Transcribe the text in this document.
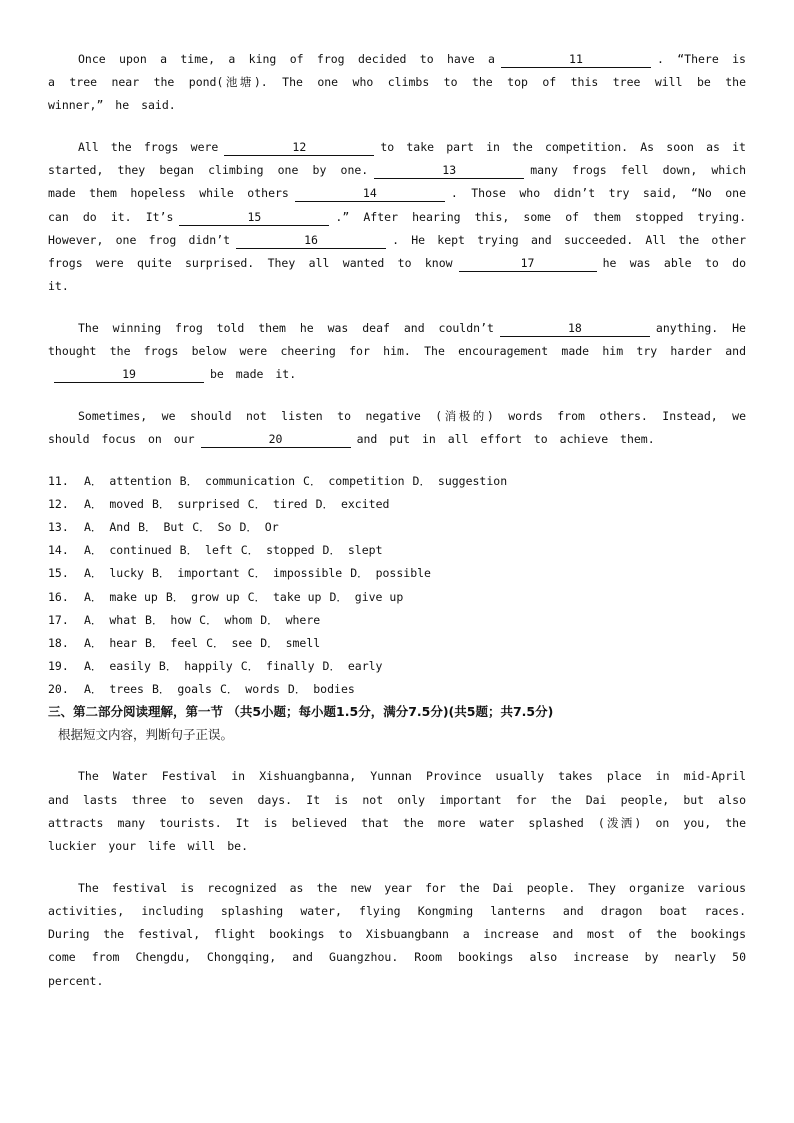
Once upon a time, a king of frog decided to have a	11	. “There is a tree near the pond(池塘). The one who climbs to the top of this tree will be the winner,” he said.

All the frogs were	12	to take part in the competition. As soon as it started, they began climbing one by one.	13	many frogs fell down, which made them hopeless while others	14	. Those who didn’t try said, “No one can do it. It’s	15	.” After hearing this, some of them stopped trying. However, one frog didn’t	16	. He kept trying and succeeded. All the other frogs were quite surprised. They all wanted to know	17	he was able to do it.

The winning frog told them he was deaf and couldn’t	18	anything. He thought the frogs below were cheering for him. The encouragement made him try harder and19	be made it.

Sometimes, we should not listen to negative (消极的) words from others. Instead, we should focus on our	20	and put in all effort to achieve them.

11. A． attention B． communication C． competition D． suggestion
12. A． moved B． surprised C． tired D． excited
13. A． And B． But C． So D． Or
14. A． continued B． left C． stopped D． slept
15. A． lucky B． important C． impossible D． possible
16. A． make up B． grow up C． take up D． give up
17. A． what B． how C． whom D． where
18. A． hear B． feel C． see D． smell
19. A． easily B． happily C． finally D． early
20. A． trees B． goals C． words D． bodies
三、第二部分阅读理解，第一节 （共5小题；每小题1.5分，满分7.5分)(共5题；共7.5分)
根据短文内容，判断句子正误。

The Water Festival in Xishuangbanna, Yunnan Province usually takes place in mid-April and lasts three to seven days. It is not only important for the Dai people, but also attracts many tourists. It is believed that the more water splashed (泼洒) on you, the luckier your life will be.

The festival is recognized as the new year for the Dai people. They organize various activities, including splashing water, flying Kongming lanterns and dragon boat races. During the festival, flight bookings to Xisbuangbann a increase and most of the bookings come from Chengdu, Chongqing, and Guangzhou. Room bookings also increase by nearly 50 percent.
